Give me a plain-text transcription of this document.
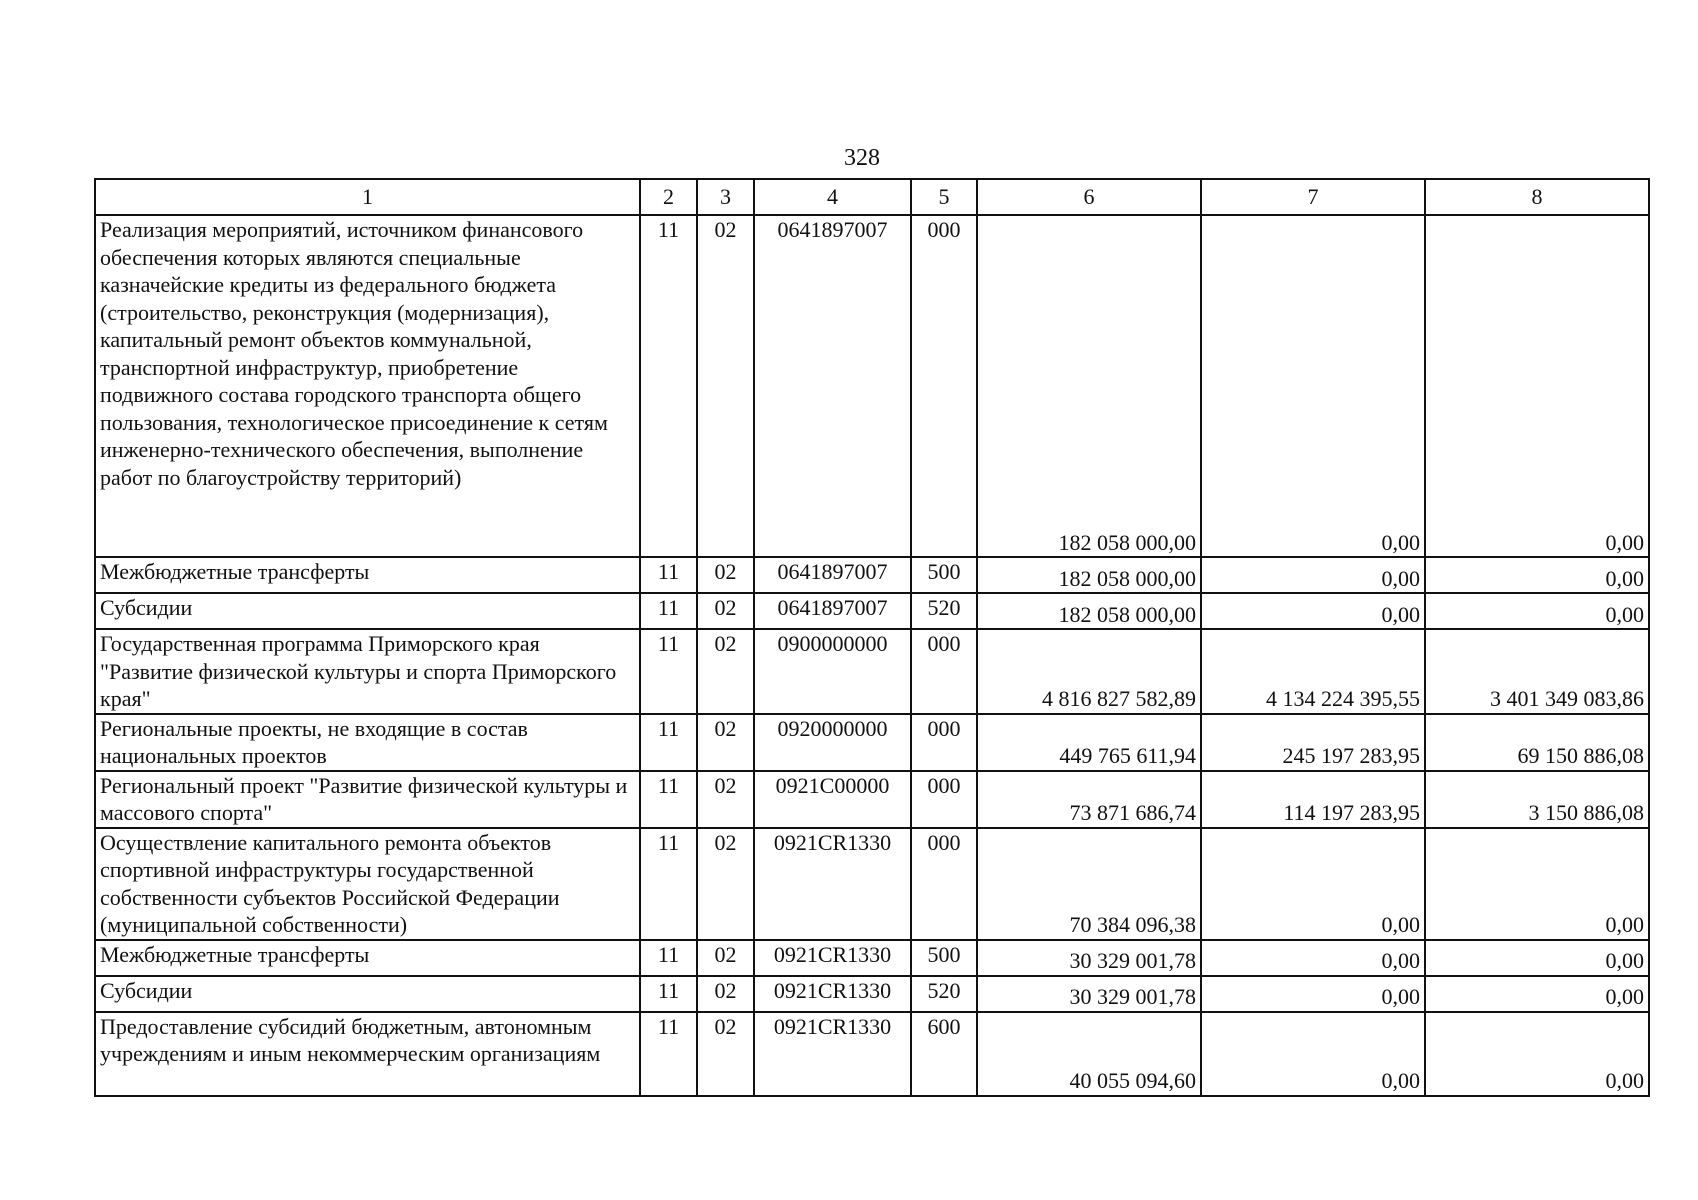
328
1	2	3	4	5	6	7	8
Реализация мероприятий, источником финансового обеспечения которых являются специальные казначейские кредиты из федерального бюджета (строительство, реконструкция (модернизация), капитальный ремонт объектов коммунальной, транспортной инфраструктур, приобретение подвижного состава городского транспорта общего пользования, технологическое присоединение к сетям инженерно-технического обеспечения, выполнение работ по благоустройству территорий)	11	02	0641897007	000	182 058 000,00	0,00	0,00
Межбюджетные трансферты	11	02	0641897007	500	182 058 000,00	0,00	0,00
Субсидии	11	02	0641897007	520	182 058 000,00	0,00	0,00
Государственная программа Приморского края "Развитие физической культуры и спорта Приморского края"	11	02	0900000000	000	4 816 827 582,89	4 134 224 395,55	3 401 349 083,86
Региональные проекты, не входящие в состав национальных проектов	11	02	0920000000	000	449 765 611,94	245 197 283,95	69 150 886,08
Региональный проект "Развитие физической культуры и массового спорта"	11	02	0921C00000	000	73 871 686,74	114 197 283,95	3 150 886,08
Осуществление капитального ремонта объектов спортивной инфраструктуры государственной собственности субъектов Российской Федерации (муниципальной собственности)	11	02	0921CR1330	000	70 384 096,38	0,00	0,00
Межбюджетные трансферты	11	02	0921CR1330	500	30 329 001,78	0,00	0,00
Субсидии	11	02	0921CR1330	520	30 329 001,78	0,00	0,00
Предоставление субсидий бюджетным, автономным учреждениям и иным некоммерческим организациям	11	02	0921CR1330	600	40 055 094,60	0,00	0,00
